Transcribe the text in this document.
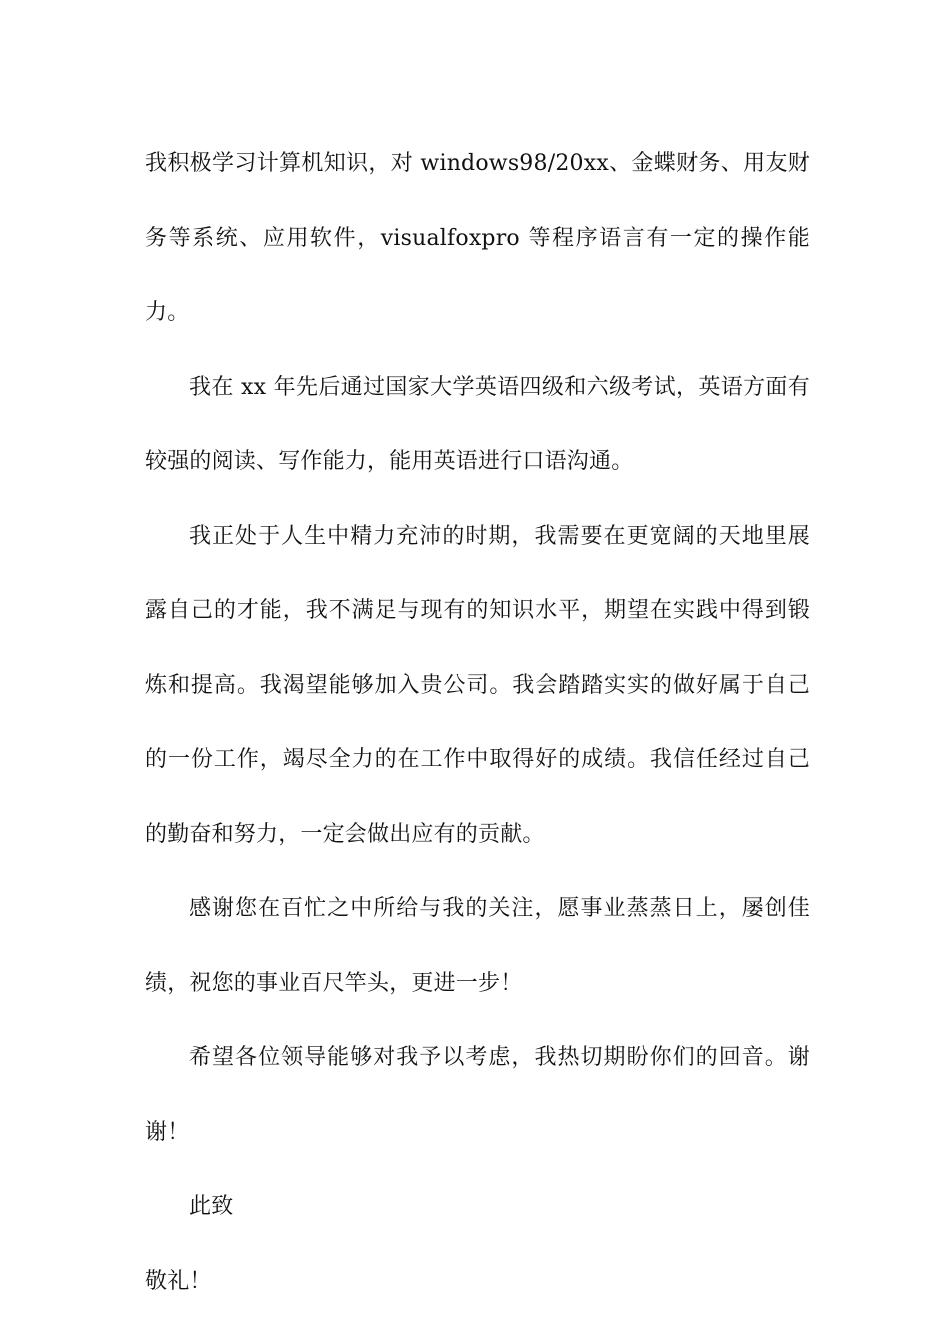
我积极学习计算机知识，对 windows98/20xx、金蝶财务、用友财务等系统、应用软件，visualfoxpro 等程序语言有一定的操作能力。

我在 xx 年先后通过国家大学英语四级和六级考试，英语方面有较强的阅读、写作能力，能用英语进行口语沟通。

我正处于人生中精力充沛的时期，我需要在更宽阔的天地里展露自己的才能，我不满足与现有的知识水平，期望在实践中得到锻炼和提高。我渴望能够加入贵公司。我会踏踏实实的做好属于自己的一份工作，竭尽全力的在工作中取得好的成绩。我信任经过自己的勤奋和努力，一定会做出应有的贡献。

感谢您在百忙之中所给与我的关注，愿事业蒸蒸日上，屡创佳绩，祝您的事业百尺竿头，更进一步！

希望各位领导能够对我予以考虑，我热切期盼你们的回音。谢谢！

此致

敬礼！
